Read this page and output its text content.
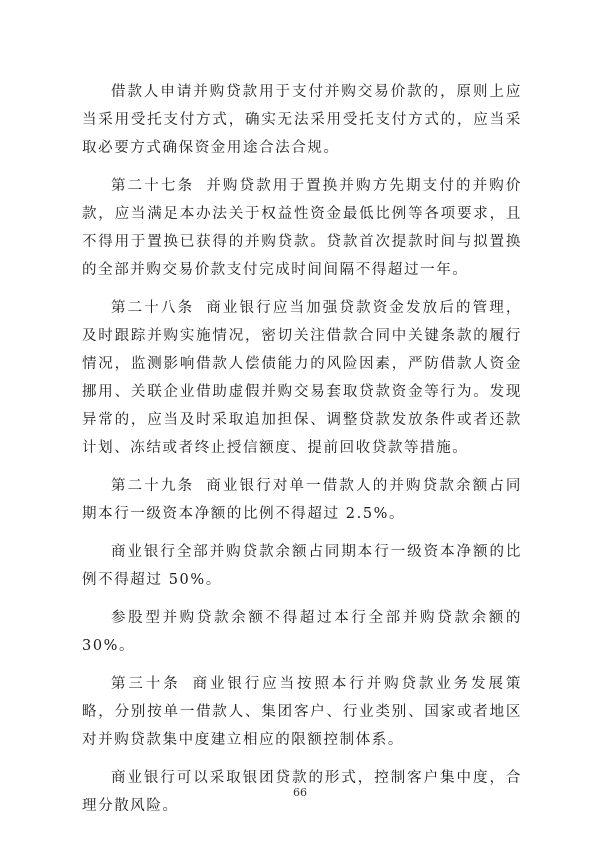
借款人申请并购贷款用于支付并购交易价款的，原则上应当采用受托支付方式，确实无法采用受托支付方式的，应当采取必要方式确保资金用途合法合规。

第二十七条 并购贷款用于置换并购方先期支付的并购价款，应当满足本办法关于权益性资金最低比例等各项要求，且不得用于置换已获得的并购贷款。贷款首次提款时间与拟置换的全部并购交易价款支付完成时间间隔不得超过一年。

第二十八条 商业银行应当加强贷款资金发放后的管理，及时跟踪并购实施情况，密切关注借款合同中关键条款的履行情况，监测影响借款人偿债能力的风险因素，严防借款人资金挪用、关联企业借助虚假并购交易套取贷款资金等行为。发现异常的，应当及时采取追加担保、调整贷款发放条件或者还款计划、冻结或者终止授信额度、提前回收贷款等措施。

第二十九条 商业银行对单一借款人的并购贷款余额占同期本行一级资本净额的比例不得超过 2.5%。

商业银行全部并购贷款余额占同期本行一级资本净额的比例不得超过 50%。

参股型并购贷款余额不得超过本行全部并购贷款余额的 30%。

第三十条 商业银行应当按照本行并购贷款业务发展策略，分别按单一借款人、集团客户、行业类别、国家或者地区对并购贷款集中度建立相应的限额控制体系。

商业银行可以采取银团贷款的形式，控制客户集中度，合理分散风险。

66
